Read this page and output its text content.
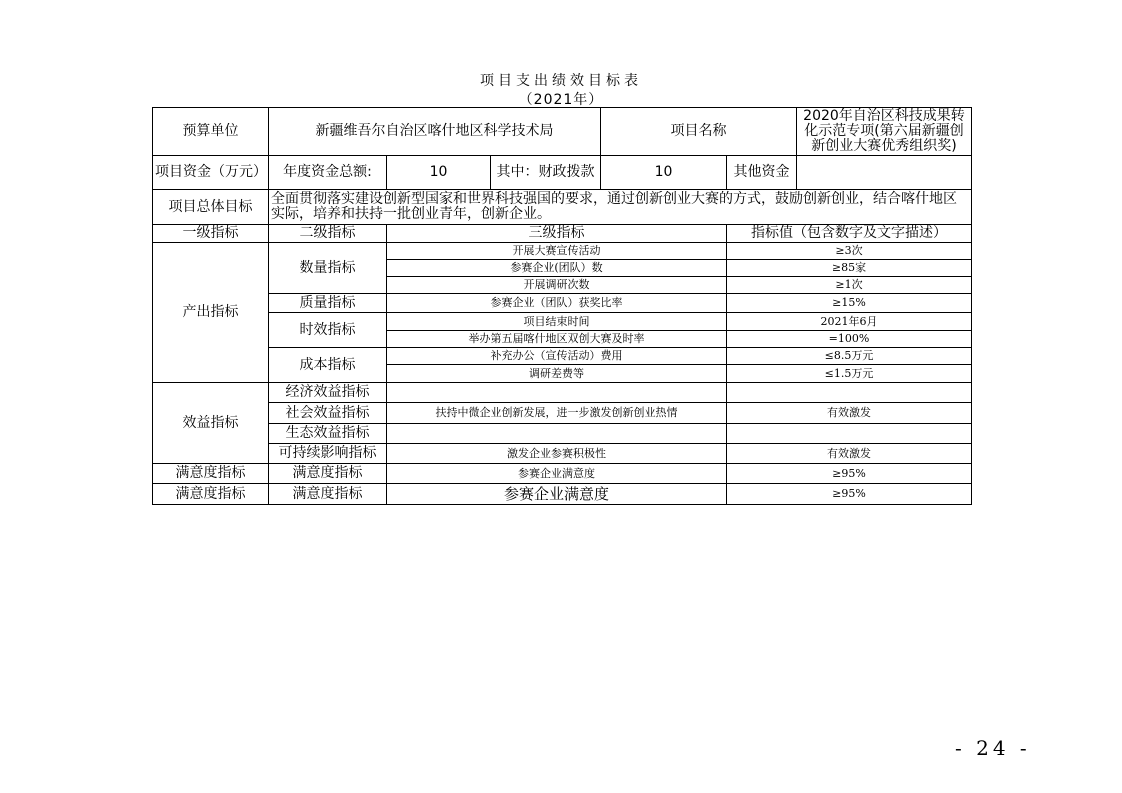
项目支出绩效目标表
（2021年）
预算单位	新疆维吾尔自治区喀什地区科学技术局			项目名称		2020年自治区科技成果转化示范专项(第六届新疆创新创业大赛优秀组织奖)
项目资金（万元）	年度资金总额:	10	其中：财政拨款	10	其他资金	
项目总体目标	全面贯彻落实建设创新型国家和世界科技强国的要求，通过创新创业大赛的方式，鼓励创新创业，结合喀什地区实际，培养和扶持一批创业青年，创新企业。					
一级指标	二级指标	三级指标			指标值（包含数字及文字描述）	
产出指标	数量指标	开展大赛宣传活动			≥3次	
		参赛企业(团队）数			≥85家	
		开展调研次数			≥1次	
	质量指标	参赛企业（团队）获奖比率			≥15%	
	时效指标	项目结束时间			2021年6月	
		举办第五届喀什地区双创大赛及时率			=100%	
	成本指标	补充办公（宣传活动）费用			≤8.5万元	
		调研差费等			≤1.5万元	
效益指标	经济效益指标					
	社会效益指标	扶持中微企业创新发展，进一步激发创新创业热情			有效激发	
	生态效益指标					
	可持续影响指标	激发企业参赛积极性			有效激发	
满意度指标	满意度指标	参赛企业满意度			≥95%	
满意度指标	满意度指标	参赛企业满意度			≥95%	
- 24 -
